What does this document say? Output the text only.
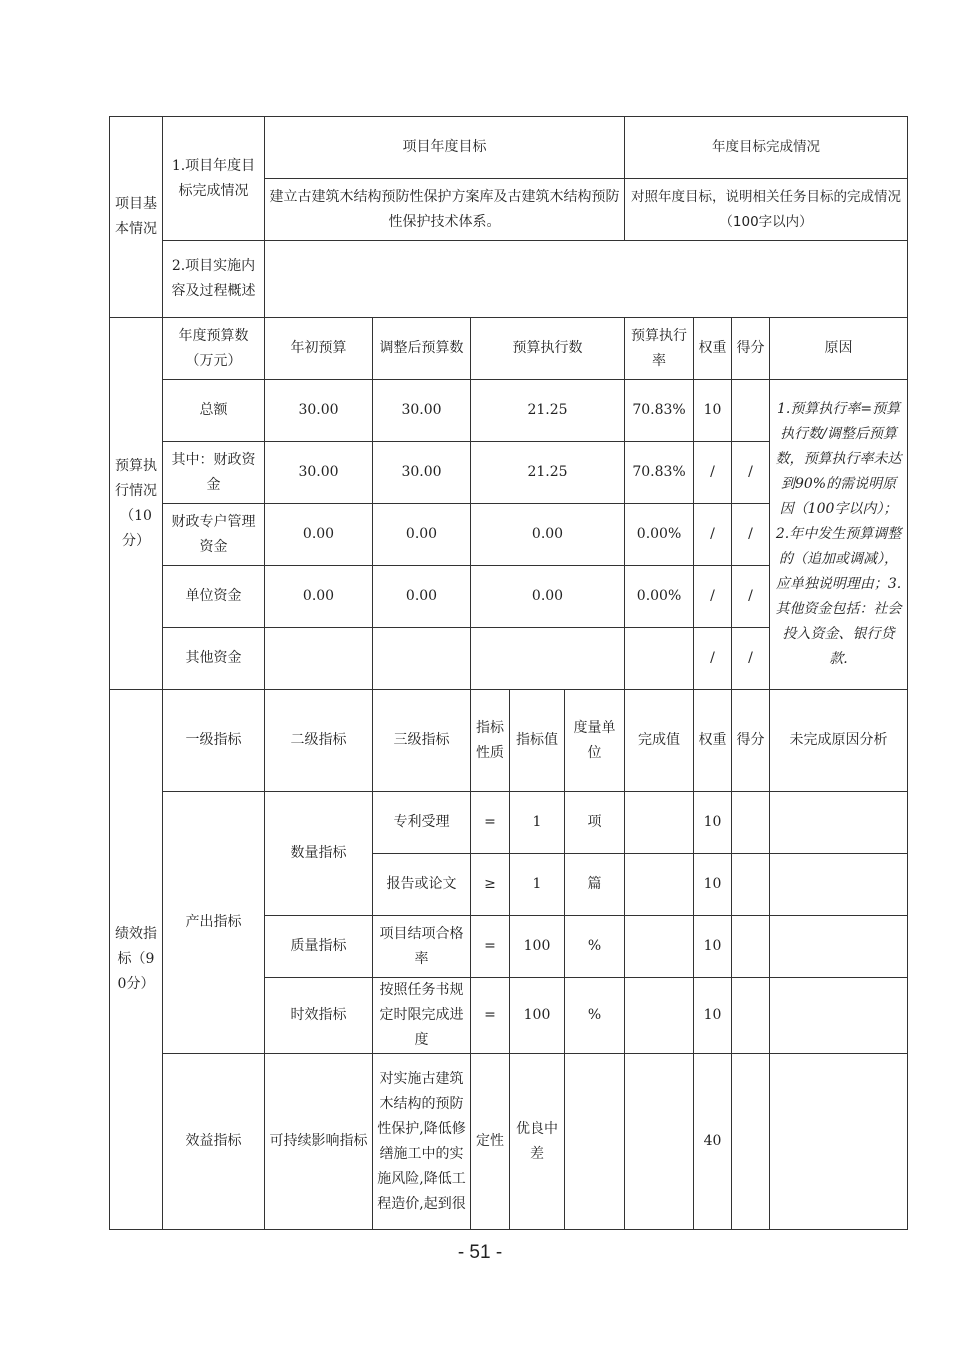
项目基本情况	1.项目年度目标完成情况	项目年度目标					年度目标完成情况			
		建立古建筑木结构预防性保护方案库及古建筑木结构预防性保护技术体系。					对照年度目标，说明相关任务目标的完成情况（100字以内）			
	2.项目实施内容及过程概述									
预算执行情况（10分）	年度预算数（万元）	年初预算	调整后预算数	预算执行数			预算执行率	权重	得分	原因
	总额	30.00	30.00	21.25			70.83%	10		1.预算执行率=预算执行数/调整后预算数，预算执行率未达到90%的需说明原因（100字以内）；2.年中发生预算调整的（追加或调减），应单独说明理由；3.其他资金包括：社会投入资金、银行贷款.
	其中：财政资金	30.00	30.00	21.25			70.83%	/	/	
	财政专户管理资金	0.00	0.00	0.00			0.00%	/	/	
	单位资金	0.00	0.00	0.00			0.00%	/	/	
	其他资金							/	/	
绩效指标（90分）	一级指标	二级指标	三级指标	指标性质	指标值	度量单位	完成值	权重	得分	未完成原因分析
	产出指标	数量指标	专利受理	=	1	项		10		
			报告或论文	≥	1	篇		10		
		质量指标	项目结项合格率	=	100	%		10		
		时效指标	按照任务书规定时限完成进度	=	100	%		10		
	效益指标	可持续影响指标	对实施古建筑木结构的预防性保护,降低修缮施工中的实施风险,降低工程造价,起到很	定性	优良中差			40		
- 51 -
